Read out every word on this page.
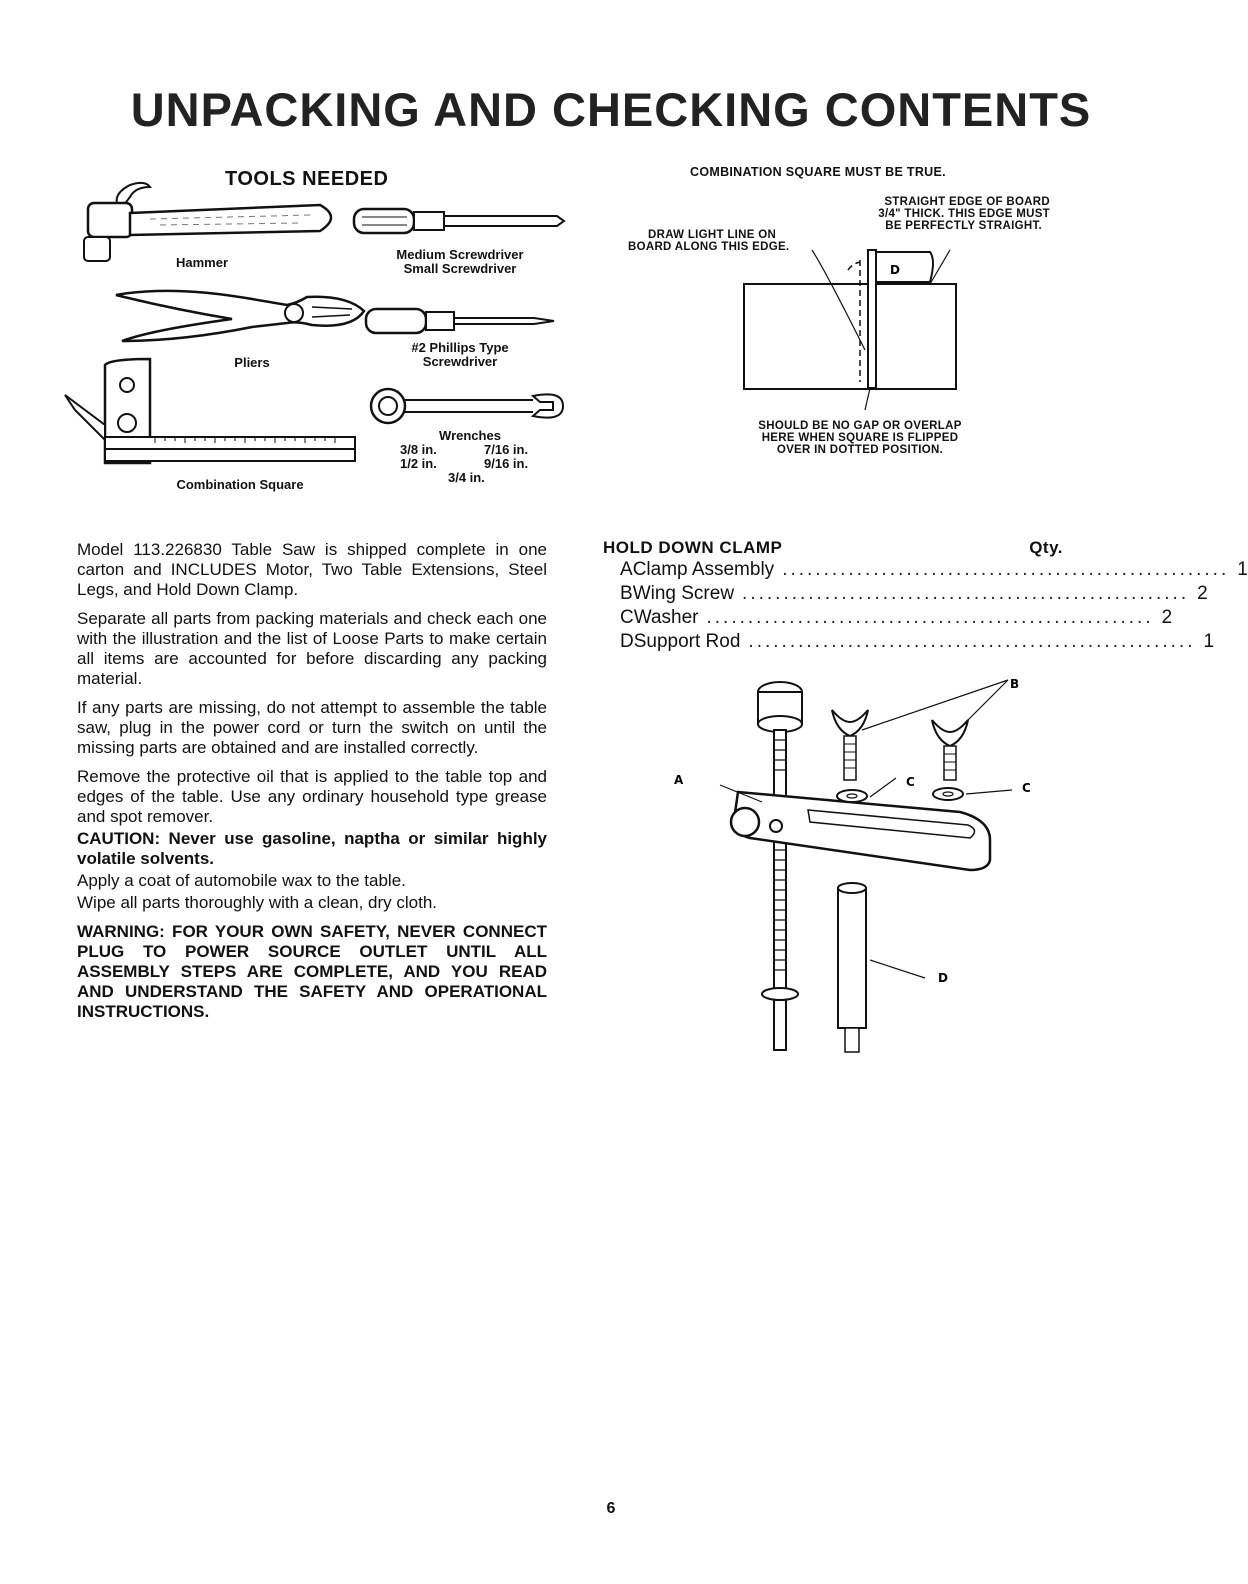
UNPACKING AND CHECKING CONTENTS
TOOLS NEEDED
Hammer
Medium Screwdriver
Small Screwdriver
Pliers
#2 Phillips Type
Screwdriver
Wrenches
3/8 in.	7/16 in.
1/2 in.	9/16 in.
3/4 in.
Combination Square
COMBINATION SQUARE MUST BE TRUE.
STRAIGHT EDGE OF BOARD
3/4" THICK. THIS EDGE MUST
BE PERFECTLY STRAIGHT.
DRAW LIGHT LINE ON
BOARD ALONG THIS EDGE.
D
SHOULD BE NO GAP OR OVERLAP
HERE WHEN SQUARE IS FLIPPED
OVER IN DOTTED POSITION.

Model 113.226830 Table Saw is shipped complete in one carton and INCLUDES Motor, Two Table Extensions, Steel Legs, and Hold Down Clamp.

Separate all parts from packing materials and check each one with the illustration and the list of Loose Parts to make certain all items are accounted for before discarding any packing material.

If any parts are missing, do not attempt to assemble the table saw, plug in the power cord or turn the switch on until the missing parts are obtained and are installed correctly.

Remove the protective oil that is applied to the table top and edges of the table. Use any ordinary household type grease and spot remover.

CAUTION: Never use gasoline, naptha or similar highly volatile solvents.

Apply a coat of automobile wax to the table.

Wipe all parts thoroughly with a clean, dry cloth.

WARNING: FOR YOUR OWN SAFETY, NEVER CONNECT PLUG TO POWER SOURCE OUTLET UNTIL ALL ASSEMBLY STEPS ARE COMPLETE, AND YOU READ AND UNDERSTAND THE SAFETY AND OPERATIONAL INSTRUCTIONS.

HOLD DOWN CLAMP	Qty.
A Clamp Assembly ...................................................... 1
B Wing Screw ...................................................... 2
C Washer ...................................................... 2
D Support Rod ...................................................... 1
A
B
C	C
D
6
